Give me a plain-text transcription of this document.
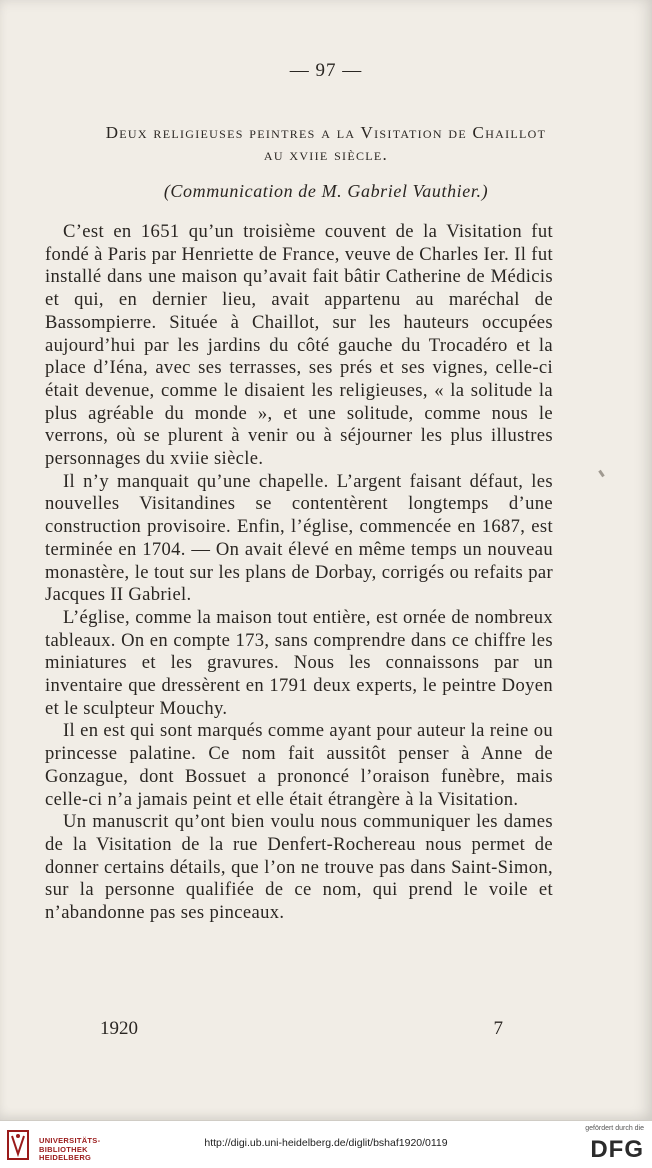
— 97 —
Deux religieuses peintres a la Visitation de Chaillot
au xviie siècle.
(Communication de M. Gabriel Vauthier.)

C’est en 1651 qu’un troisième couvent de la Visitation fut fondé à Paris par Henriette de France, veuve de Charles Ier. Il fut installé dans une maison qu’avait fait bâtir Catherine de Médicis et qui, en dernier lieu, avait appartenu au maréchal de Bassompierre. Située à Chaillot, sur les hauteurs occupées aujourd’hui par les jardins du côté gauche du Trocadéro et la place d’Iéna, avec ses terrasses, ses prés et ses vignes, celle-ci était devenue, comme le disaient les religieuses, « la solitude la plus agréable du monde », et une solitude, comme nous le verrons, où se plurent à venir ou à séjourner les plus illustres personnages du xviie siècle.

Il n’y manquait qu’une chapelle. L’argent faisant défaut, les nouvelles Visitandines se contentèrent longtemps d’une construction provisoire. Enfin, l’église, commencée en 1687, est terminée en 1704. — On avait élevé en même temps un nouveau monastère, le tout sur les plans de Dorbay, corrigés ou refaits par Jacques II Gabriel.

L’église, comme la maison tout entière, est ornée de nombreux tableaux. On en compte 173, sans comprendre dans ce chiffre les miniatures et les gravures. Nous les connaissons par un inventaire que dressèrent en 1791 deux experts, le peintre Doyen et le sculpteur Mouchy.

Il en est qui sont marqués comme ayant pour auteur la reine ou princesse palatine. Ce nom fait aussitôt penser à Anne de Gonzague, dont Bossuet a prononcé l’oraison funèbre, mais celle-ci n’a jamais peint et elle était étrangère à la Visitation.

Un manuscrit qu’ont bien voulu nous communiquer les dames de la Visitation de la rue Denfert-Rochereau nous permet de donner certains détails, que l’on ne trouve pas dans Saint-Simon, sur la personne qualifiée de ce nom, qui prend le voile et n’abandonne pas ses pinceaux.

1920	7
UNIVERSITÄTS-
BIBLIOTHEK
HEIDELBERG
http://digi.ub.uni-heidelberg.de/diglit/bshaf1920/0119
gefördert durch die
DFG
